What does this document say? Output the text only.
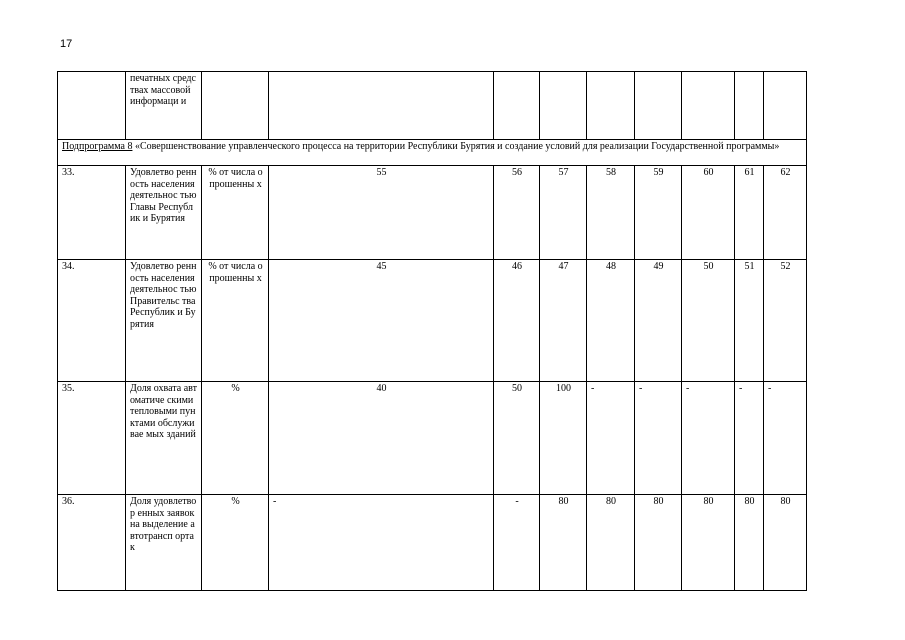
17
	печатных средствах массовой информаци и									
Подпрограмма 8 «Совершенствование управленческого процесса на территории Республики Бурятия и создание условий для реализации Государственной программы»										
33.	Удовлетво ренность населения деятельнос тью Главы Республик и Бурятия	% от числа опрошенны х	55	56	57	58	59	60	61	62
34.	Удовлетво ренность населения деятельнос тью Правительс тва Республик и Бурятия	% от числа опрошенны х	45	46	47	48	49	50	51	52
35.	Доля охвата автоматиче скими тепловыми пунктами обслуживае мых зданий	%	40	50	100	-	-	-	-	-
36.	Доля удовлетвор енных заявок на выделение автотрансп орта к	%	-	-	80	80	80	80	80	80
